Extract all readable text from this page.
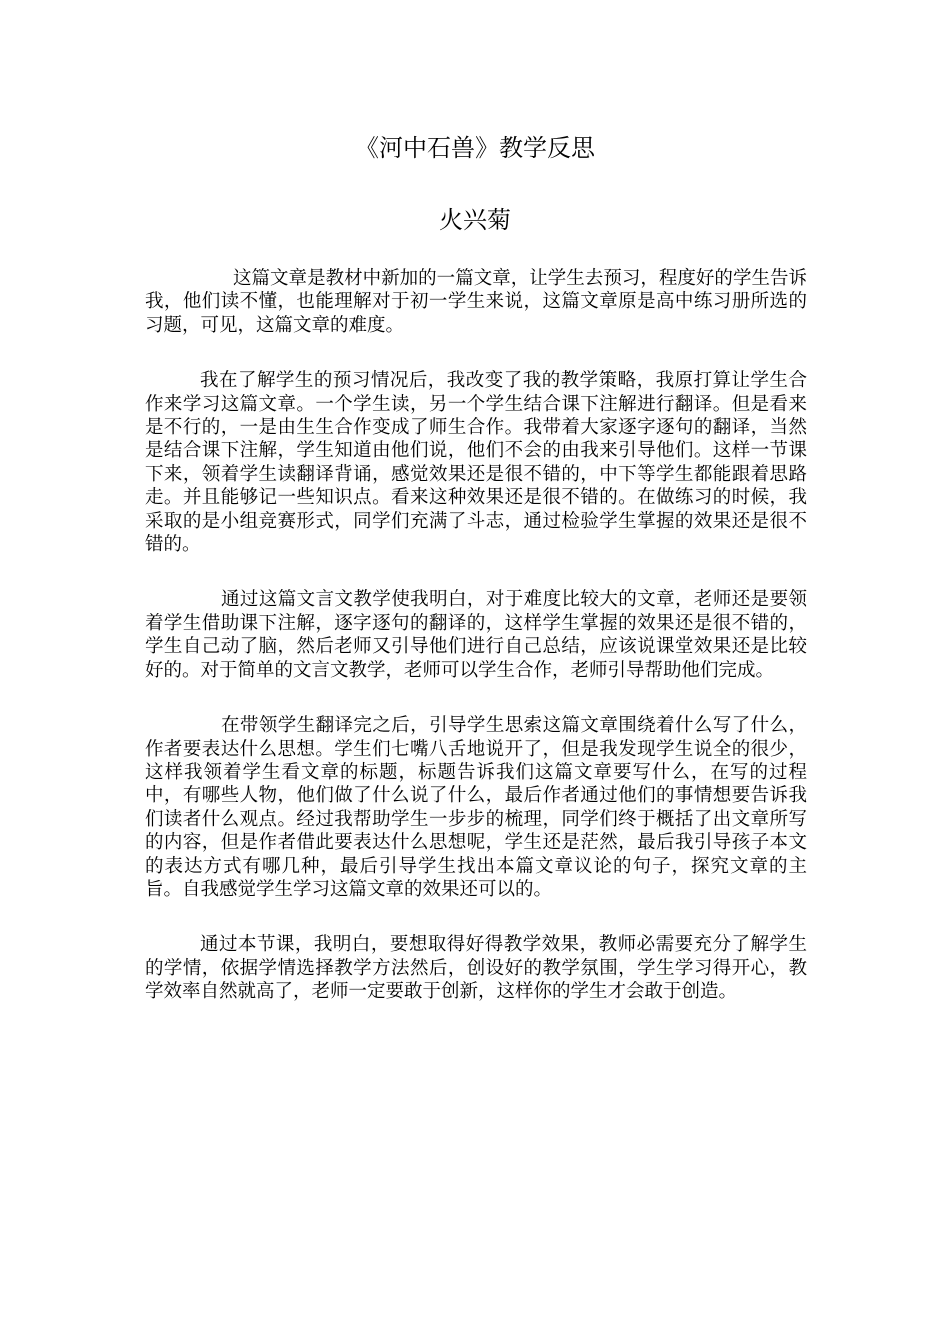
《河中石兽》教学反思
火兴菊

这篇文章是教材中新加的一篇文章，让学生去预习，程度好的学生告诉我，他们读不懂，也能理解对于初一学生来说，这篇文章原是高中练习册所选的习题，可见，这篇文章的难度。

我在了解学生的预习情况后，我改变了我的教学策略，我原打算让学生合作来学习这篇文章。一个学生读，另一个学生结合课下注解进行翻译。但是看来是不行的，一是由生生合作变成了师生合作。我带着大家逐字逐句的翻译，当然是结合课下注解，学生知道由他们说，他们不会的由我来引导他们。这样一节课下来，领着学生读翻译背诵，感觉效果还是很不错的，中下等学生都能跟着思路走。并且能够记一些知识点。看来这种效果还是很不错的。在做练习的时候，我采取的是小组竞赛形式，同学们充满了斗志，通过检验学生掌握的效果还是很不错的。

通过这篇文言文教学使我明白，对于难度比较大的文章，老师还是要领着学生借助课下注解，逐字逐句的翻译的，这样学生掌握的效果还是很不错的，学生自己动了脑，然后老师又引导他们进行自己总结，应该说课堂效果还是比较好的。对于简单的文言文教学，老师可以学生合作，老师引导帮助他们完成。

在带领学生翻译完之后，引导学生思索这篇文章围绕着什么写了什么，作者要表达什么思想。学生们七嘴八舌地说开了，但是我发现学生说全的很少，这样我领着学生看文章的标题，标题告诉我们这篇文章要写什么，在写的过程中，有哪些人物，他们做了什么说了什么，最后作者通过他们的事情想要告诉我们读者什么观点。经过我帮助学生一步步的梳理，同学们终于概括了出文章所写的内容，但是作者借此要表达什么思想呢，学生还是茫然，最后我引导孩子本文的表达方式有哪几种，最后引导学生找出本篇文章议论的句子，探究文章的主旨。自我感觉学生学习这篇文章的效果还可以的。

通过本节课，我明白，要想取得好得教学效果，教师必需要充分了解学生的学情，依据学情选择教学方法然后，创设好的教学氛围，学生学习得开心，教学效率自然就高了，老师一定要敢于创新，这样你的学生才会敢于创造。
